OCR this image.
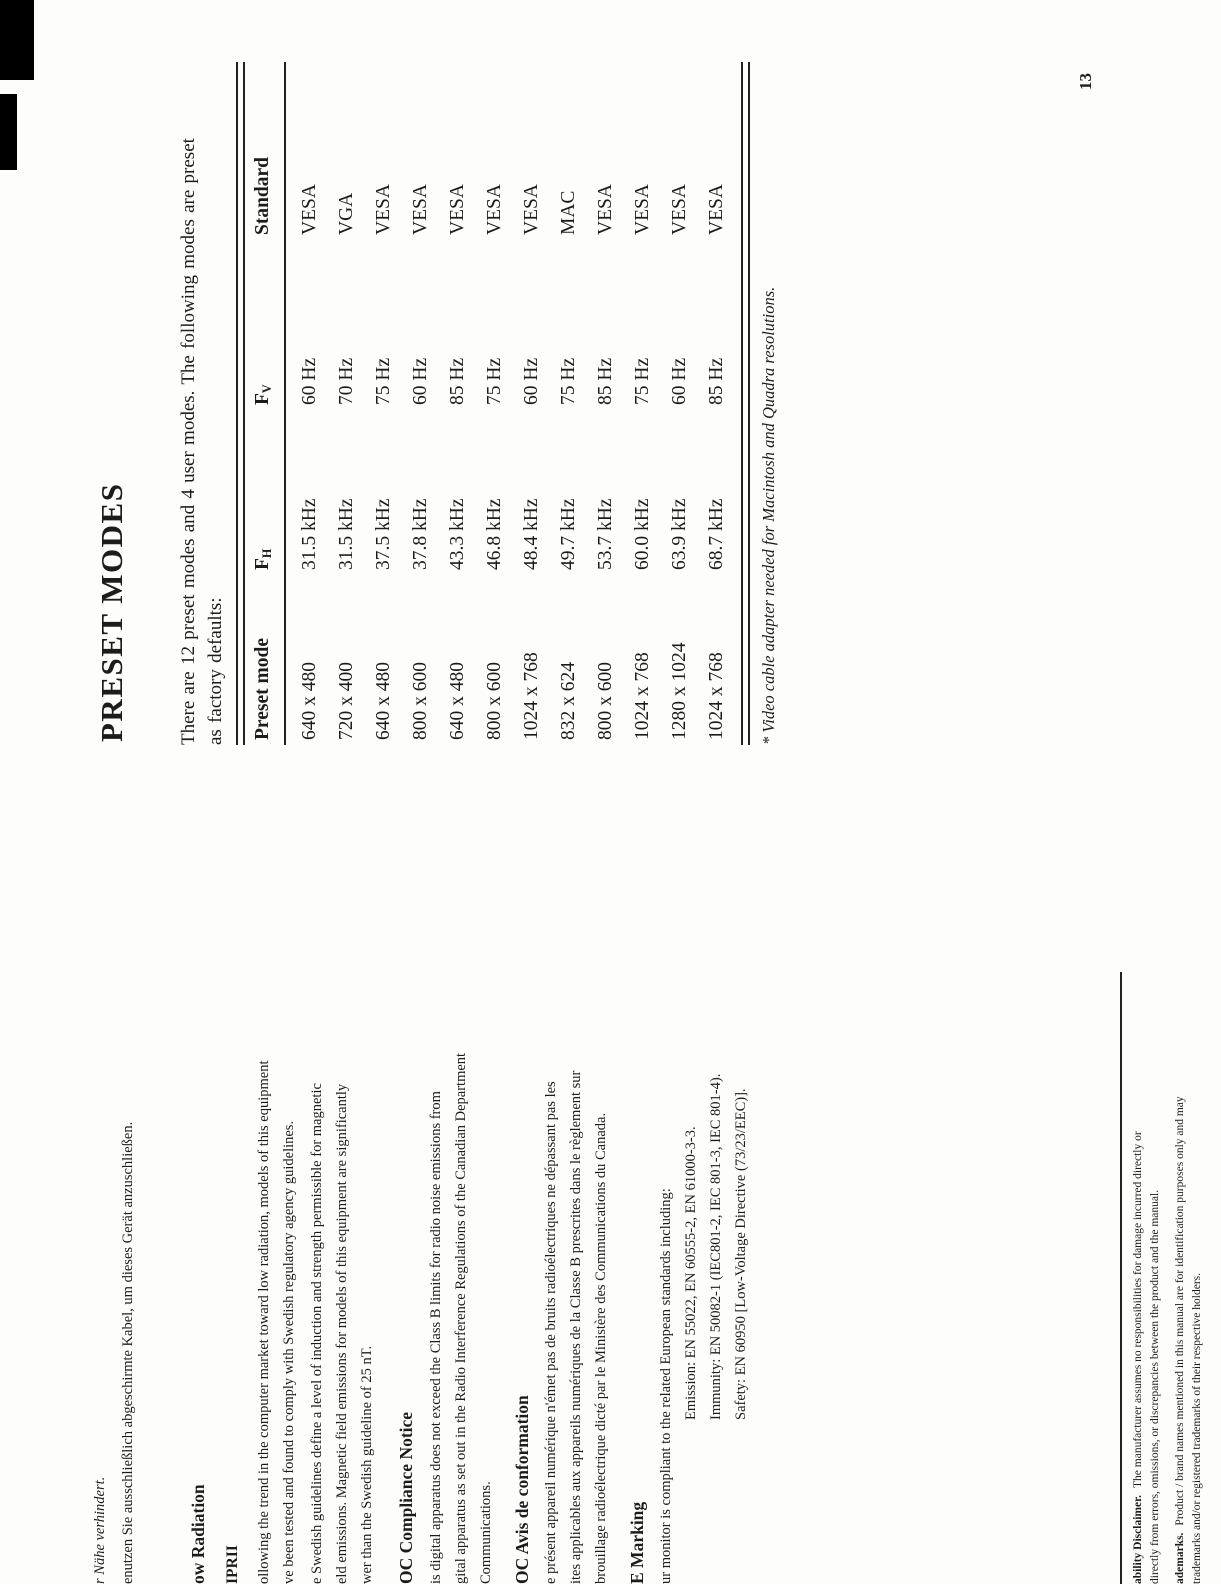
r Nähe verhindert. enutzen Sie ausschließlich abgeschirmte Kabel, um dieses Gerät anzuschließen.	ow Radiation IPRII ollowing the trend in the computer market toward low radiation, models of this equipment ve been tested and found to comply with Swedish regulatory agency guidelines. e Swedish guidelines define a level of induction and strength permissible for magnetic eld emissions. Magnetic field emissions for models of this equipment are significantly wer than the Swedish guideline of 25 nT. OC Compliance Notice is digital apparatus does not exceed the Class B limits for radio noise emissions from gital apparatus as set out in the Radio Interference Regulations of the Canadian Department Communications. OC Avis de conformation e présent appareil numérique n'émet pas de bruits radioélectriques ne dépassant pas les ites applicables aux appareils numériques de la Classe B prescrites dans le règlement sur brouillage radioélectrique dicté par le Ministère des Communications du Canada. E Marking ur monitor is compliant to the related European standards including: Emission: EN 55022, EN 60555-2, EN 61000-3-3. Immunity: EN 50082-1 (IEC801-2, IEC 801-3, IEC 801-4). Safety: EN 60950 [Low-Voltage Directive (73/23/EEC)].
ability Disclaimer.The manufacturer assumes no responsibilities for damage incurred directly or directly from errors, omissions, or discrepancies between the product and the manual. ademarks.Product / brand names mentioned in this manual are for identification purposes only and may trademarks and/or registered trademarks of their respective holders.
PRESET MODES	There are 12 preset modes and 4 user modes. The following modes are preset as factory defaults: Preset mode
$F_H$
$F_V$
Standard
640 x 480
31.5 kHz
60 Hz
VESA
720 x 400
31.5 kHz
70 Hz
VGA
640 x 480
37.5 kHz
75 Hz
VESA
800 x 600
37.8 kHz
60 Hz
VESA
640 x 480
43.3 kHz
85 Hz
VESA
800 x 600
46.8 kHz
75 Hz
VESA
1024 x 768
48.4 kHz
60 Hz
VESA
832 x 624
49.7 kHz
75 Hz
MAC
800 x 600
53.7 kHz
85 Hz
VESA
1024 x 768
60.0 kHz
75 Hz
VESA
1280 x 1024
63.9 kHz
60 Hz
VESA
1024 x 768
68.7 kHz
85 Hz
VESA
* Video cable adapter needed for Macintosh and Quadra resolutions.
13
